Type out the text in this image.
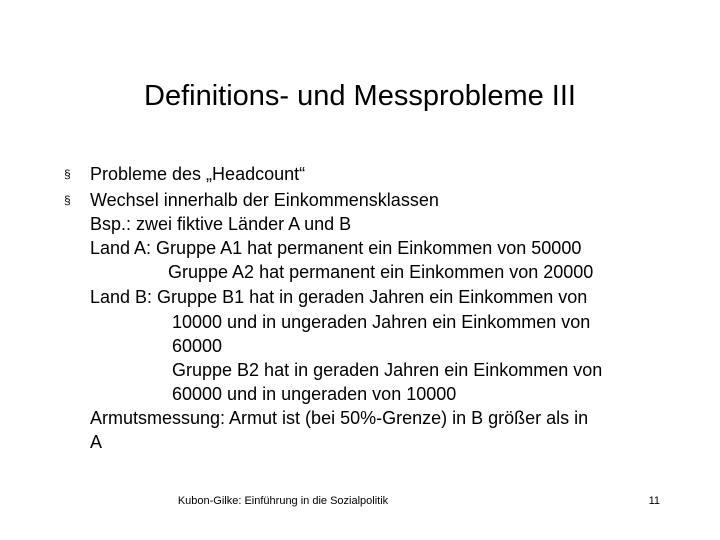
Definitions- und Messprobleme III
§ Probleme des „Headcount“
§ Wechsel innerhalb der Einkommensklassen
Bsp.: zwei fiktive Länder A und B
Land A: Gruppe A1 hat permanent ein Einkommen von 50000
Gruppe A2 hat permanent ein Einkommen von 20000
Land B: Gruppe B1 hat in geraden Jahren ein Einkommen von
10000 und in ungeraden Jahren ein Einkommen von
60000
Gruppe B2 hat in geraden Jahren ein Einkommen von
60000 und in ungeraden von 10000
Armutsmessung: Armut ist (bei 50%-Grenze) in B größer als in
A
Kubon-Gilke: Einführung in die Sozialpolitik	11
